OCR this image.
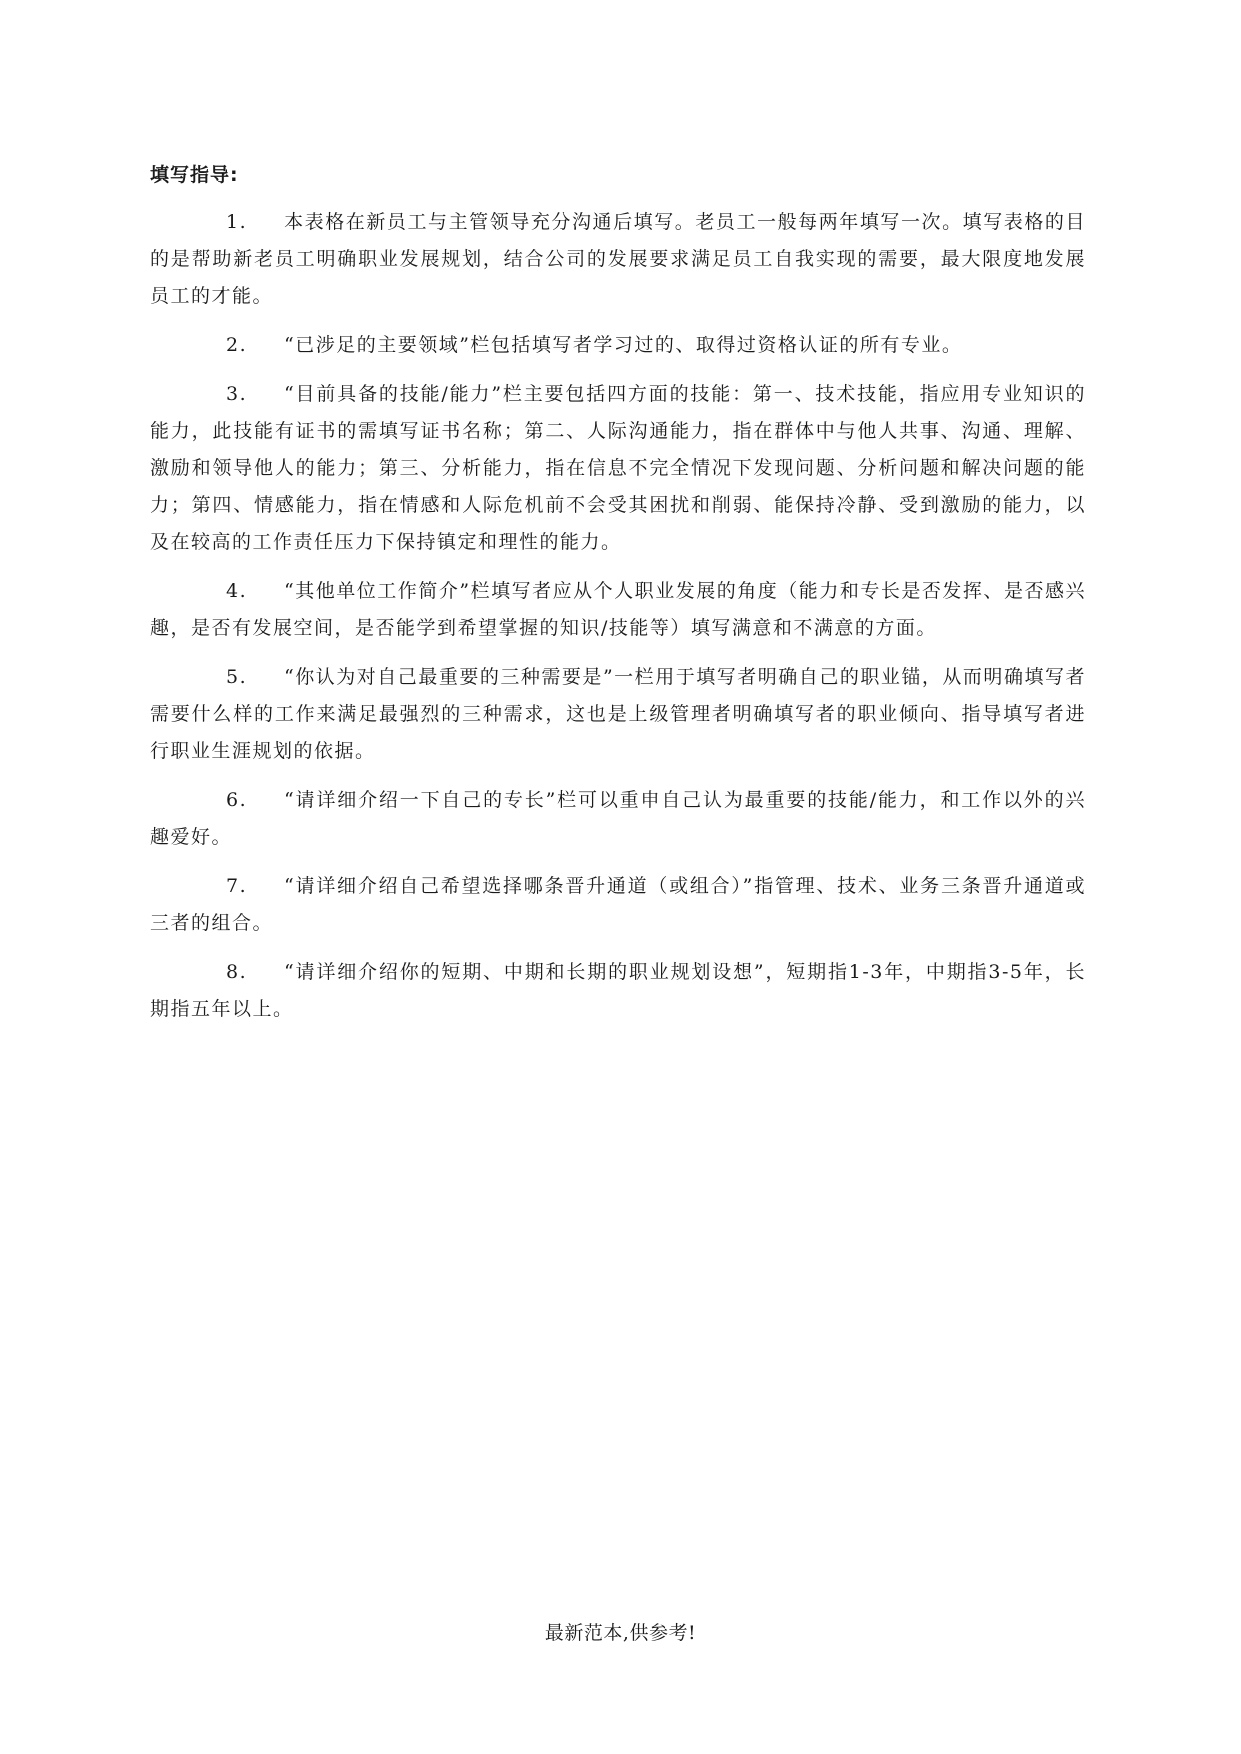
填写指导:

1. 本表格在新员工与主管领导充分沟通后填写。老员工一般每两年填写一次。填写表格的目的是帮助新老员工明确职业发展规划，结合公司的发展要求满足员工自我实现的需要，最大限度地发展员工的才能。

2. “已涉足的主要领域”栏包括填写者学习过的、取得过资格认证的所有专业。

3. “目前具备的技能/能力”栏主要包括四方面的技能：第一、技术技能，指应用专业知识的能力，此技能有证书的需填写证书名称；第二、人际沟通能力，指在群体中与他人共事、沟通、理解、激励和领导他人的能力；第三、分析能力，指在信息不完全情况下发现问题、分析问题和解决问题的能力；第四、情感能力，指在情感和人际危机前不会受其困扰和削弱、能保持冷静、受到激励的能力，以及在较高的工作责任压力下保持镇定和理性的能力。

4. “其他单位工作简介”栏填写者应从个人职业发展的角度（能力和专长是否发挥、是否感兴趣，是否有发展空间，是否能学到希望掌握的知识/技能等）填写满意和不满意的方面。

5. “你认为对自己最重要的三种需要是”一栏用于填写者明确自己的职业锚，从而明确填写者需要什么样的工作来满足最强烈的三种需求，这也是上级管理者明确填写者的职业倾向、指导填写者进行职业生涯规划的依据。

6. “请详细介绍一下自己的专长”栏可以重申自己认为最重要的技能/能力，和工作以外的兴趣爱好。

7. “请详细介绍自己希望选择哪条晋升通道（或组合）”指管理、技术、业务三条晋升通道或三者的组合。

8. “请详细介绍你的短期、中期和长期的职业规划设想”，短期指1-3年，中期指3-5年，长期指五年以上。

最新范本,供参考!
